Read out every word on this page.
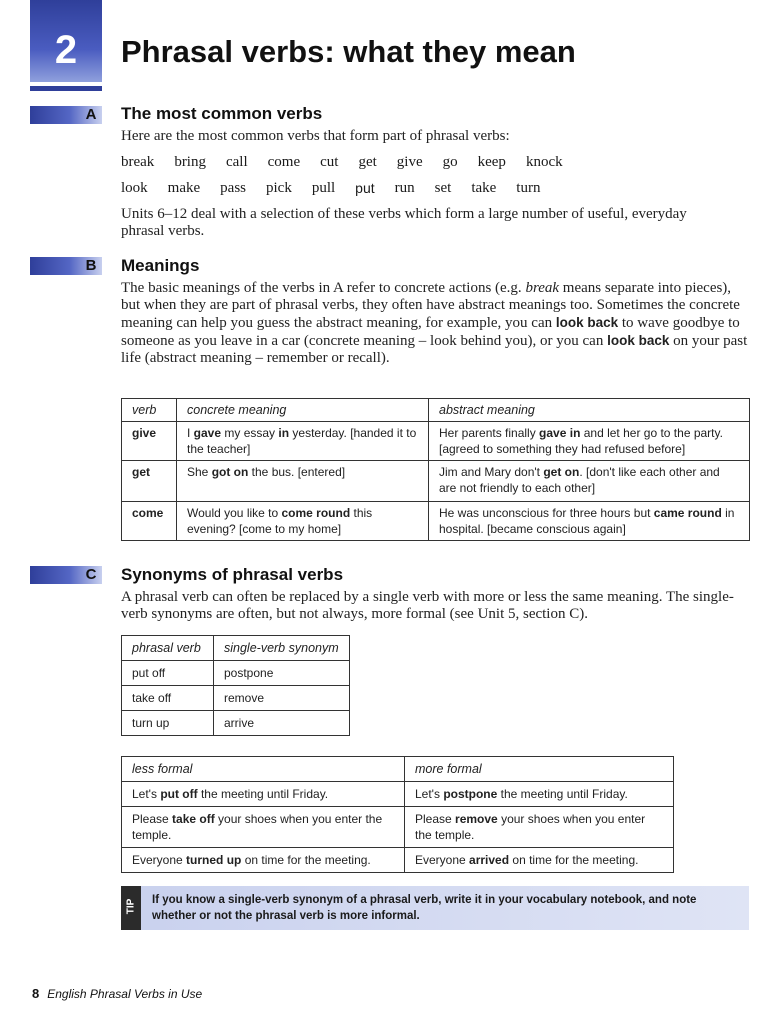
2	Phrasal verbs: what they mean
A The most common verbs
Here are the most common verbs that form part of phrasal verbs:
break bring call come cut get give go keep knock
look make pass pick pull put run set take turn
Units 6–12 deal with a selection of these verbs which form a large number of useful, everyday phrasal verbs.
B Meanings
The basic meanings of the verbs in A refer to concrete actions (e.g. break means separate into pieces), but when they are part of phrasal verbs, they often have abstract meanings too. Sometimes the concrete meaning can help you guess the abstract meaning, for example, you can look back to wave goodbye to someone as you leave in a car (concrete meaning – look behind you), or you can look back on your past life (abstract meaning – remember or recall).
verb	concrete meaning	abstract meaning
give	I gave my essay in yesterday. [handed it to the teacher]	Her parents finally gave in and let her go to the party. [agreed to something they had refused before]
get	She got on the bus. [entered]	Jim and Mary don't get on. [don't like each other and are not friendly to each other]
come	Would you like to come round this evening? [come to my home]	He was unconscious for three hours but came round in hospital. [became conscious again]
C Synonyms of phrasal verbs
A phrasal verb can often be replaced by a single verb with more or less the same meaning. The single-verb synonyms are often, but not always, more formal (see Unit 5, section C).
phrasal verb	single-verb synonym
put off	postpone
take off	remove
turn up	arrive
less formal	more formal
Let's put off the meeting until Friday.	Let's postpone the meeting until Friday.
Please take off your shoes when you enter the temple.	Please remove your shoes when you enter the temple.
Everyone turned up on time for the meeting.	Everyone arrived on time for the meeting.
TIP If you know a single-verb synonym of a phrasal verb, write it in your vocabulary notebook, and note whether or not the phrasal verb is more informal.
8 English Phrasal Verbs in Use
